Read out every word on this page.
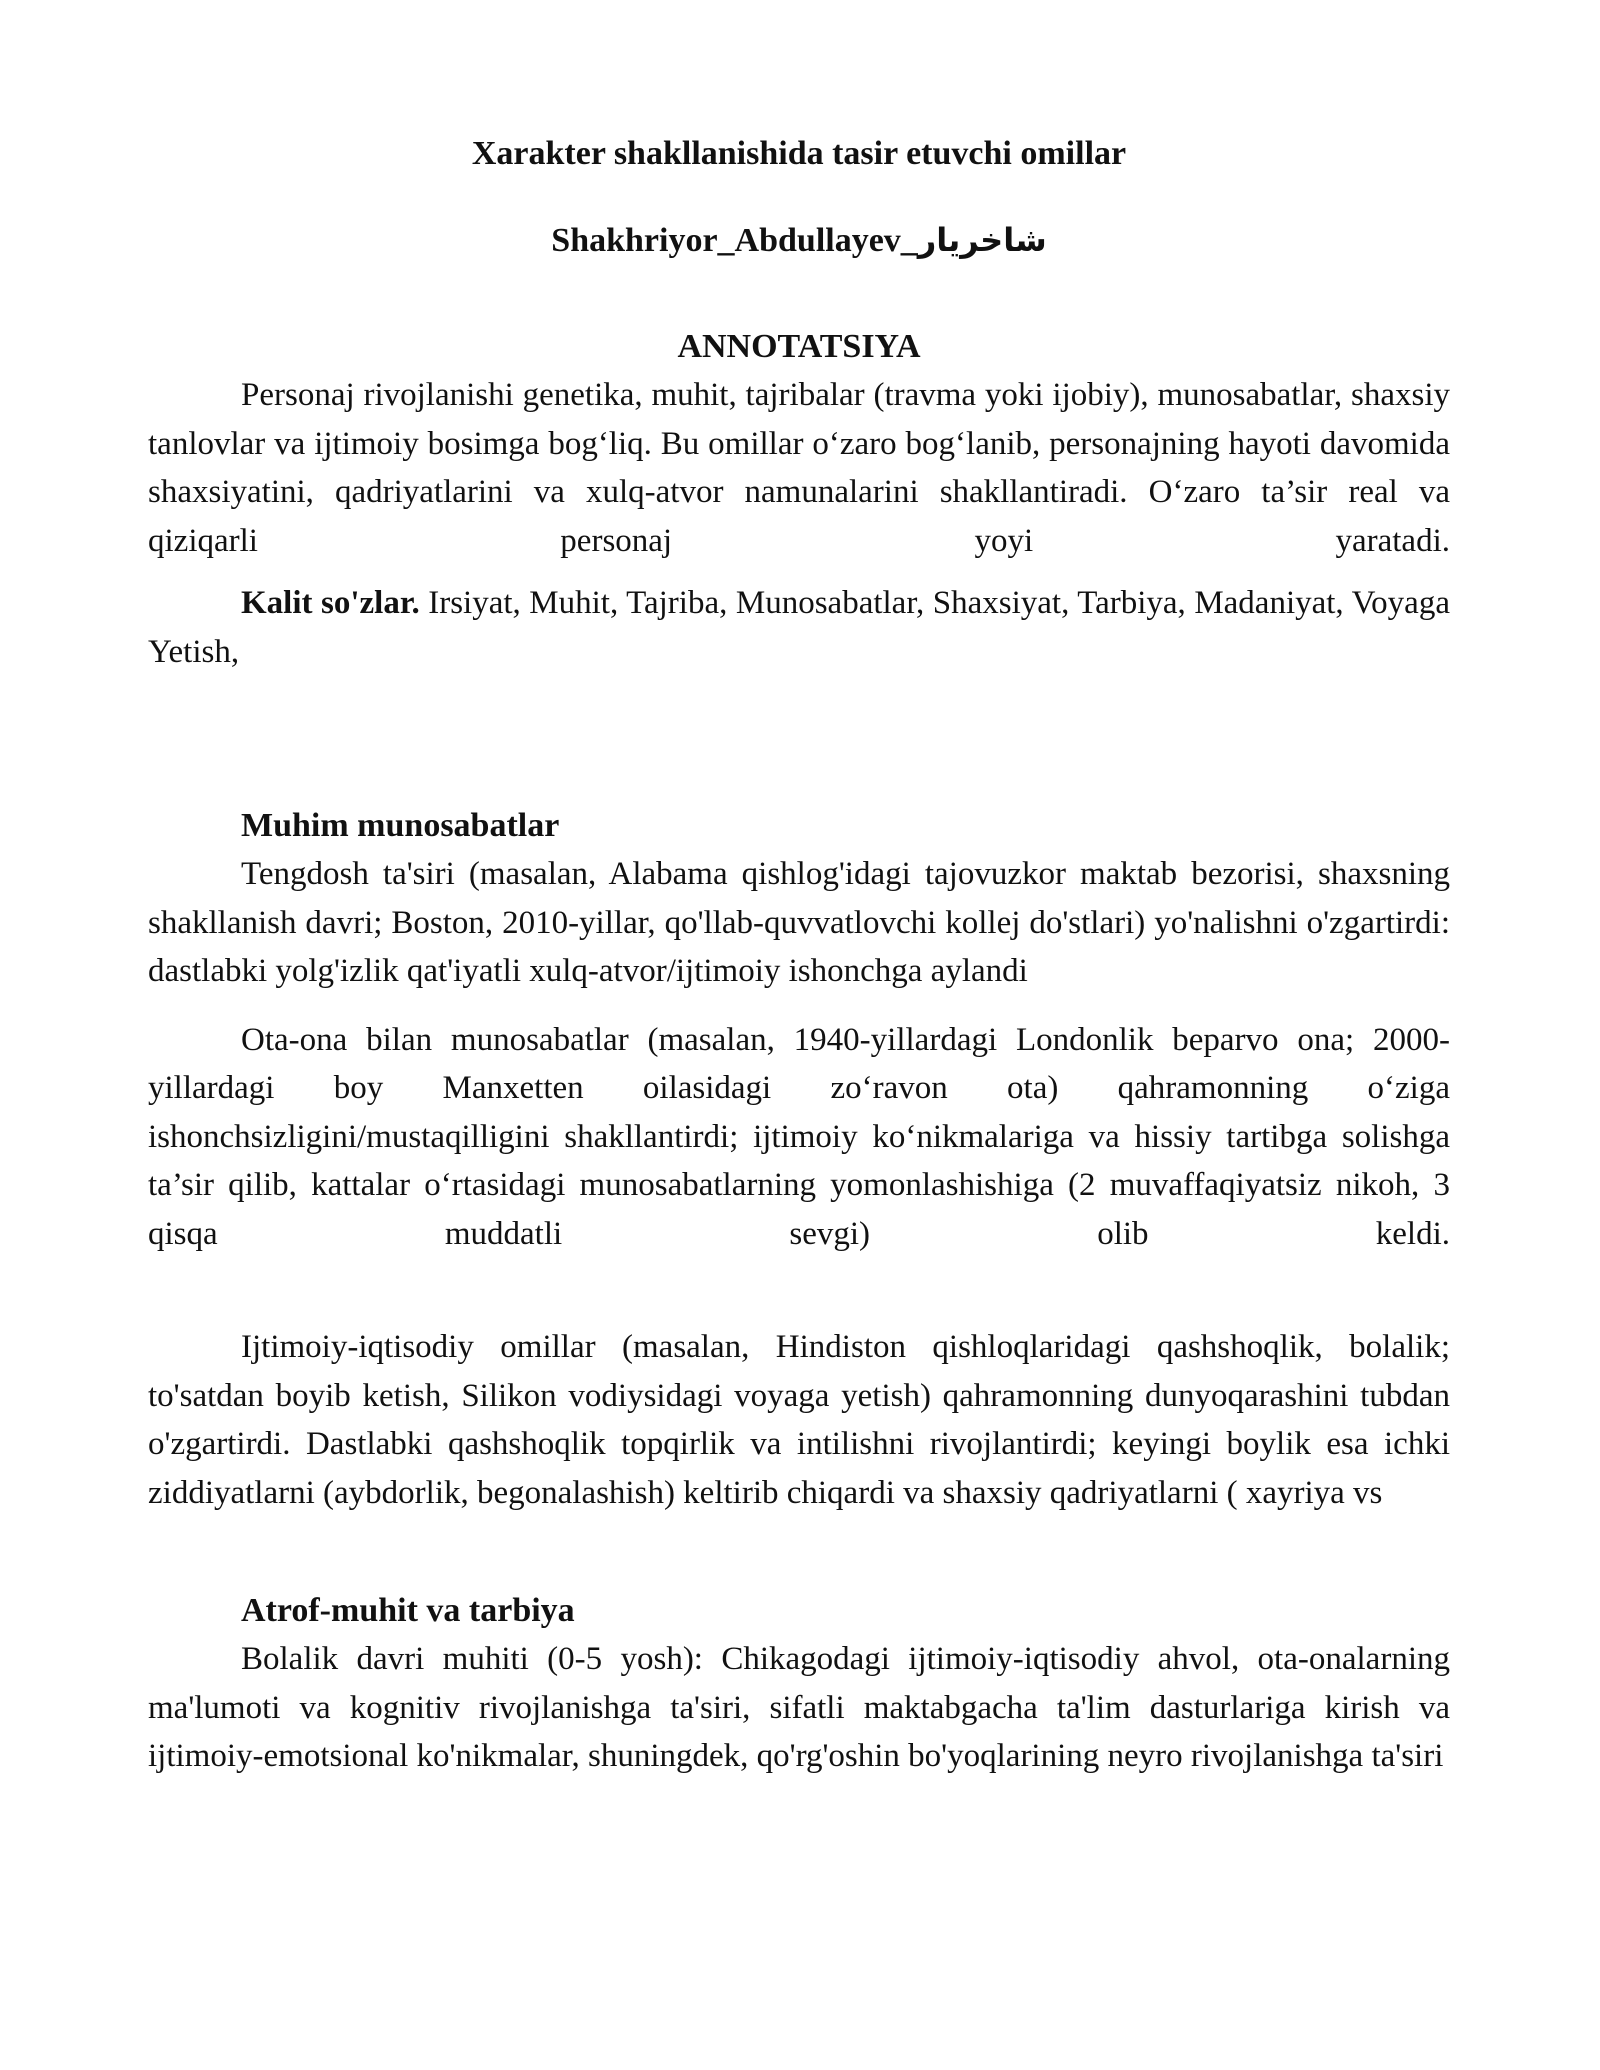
Xarakter shakllanishida tasir etuvchi omillar

Shakhriyor_Abdullayev_شاخریار

ANNOTATSIYA

Personaj rivojlanishi genetika, muhit, tajribalar (travma yoki ijobiy), munosabatlar, shaxsiy tanlovlar va ijtimoiy bosimga bog‘liq. Bu omillar o‘zaro bog‘lanib, personajning hayoti davomida shaxsiyatini, qadriyatlarini va xulq-atvor namunalarini shakllantiradi. O‘zaro ta’sir real va qiziqarli personaj yoyi yaratadi.

Kalit so'zlar. Irsiyat, Muhit, Tajriba, Munosabatlar, Shaxsiyat, Tarbiya, Madaniyat, Voyaga Yetish,

Muhim munosabatlar

Tengdosh ta'siri (masalan, Alabama qishlog'idagi tajovuzkor maktab bezorisi, shaxsning shakllanish davri; Boston, 2010-yillar, qo'llab-quvvatlovchi kollej do'stlari) yo'nalishni o'zgartirdi: dastlabki yolg'izlik qat'iyatli xulq-atvor/ijtimoiy ishonchga aylandi

Ota-ona bilan munosabatlar (masalan, 1940-yillardagi Londonlik beparvo ona; 2000-yillardagi boy Manxetten oilasidagi zo‘ravon ota) qahramonning o‘ziga ishonchsizligini/mustaqilligini shakllantirdi; ijtimoiy ko‘nikmalariga va hissiy tartibga solishga ta’sir qilib, kattalar o‘rtasidagi munosabatlarning yomonlashishiga (2 muvaffaqiyatsiz nikoh, 3 qisqa muddatli sevgi) olib keldi.

Ijtimoiy-iqtisodiy omillar (masalan, Hindiston qishloqlaridagi qashshoqlik, bolalik; to'satdan boyib ketish, Silikon vodiysidagi voyaga yetish) qahramonning dunyoqarashini tubdan o'zgartirdi. Dastlabki qashshoqlik topqirlik va intilishni rivojlantirdi; keyingi boylik esa ichki ziddiyatlarni (aybdorlik, begonalashish) keltirib chiqardi va shaxsiy qadriyatlarni ( xayriya vs

Atrof-muhit va tarbiya

Bolalik davri muhiti (0-5 yosh): Chikagodagi ijtimoiy-iqtisodiy ahvol, ota-onalarning ma'lumoti va kognitiv rivojlanishga ta'siri, sifatli maktabgacha ta'lim dasturlariga kirish va ijtimoiy-emotsional ko'nikmalar, shuningdek, qo'rg'oshin bo'yoqlarining neyro rivojlanishga ta'siri
